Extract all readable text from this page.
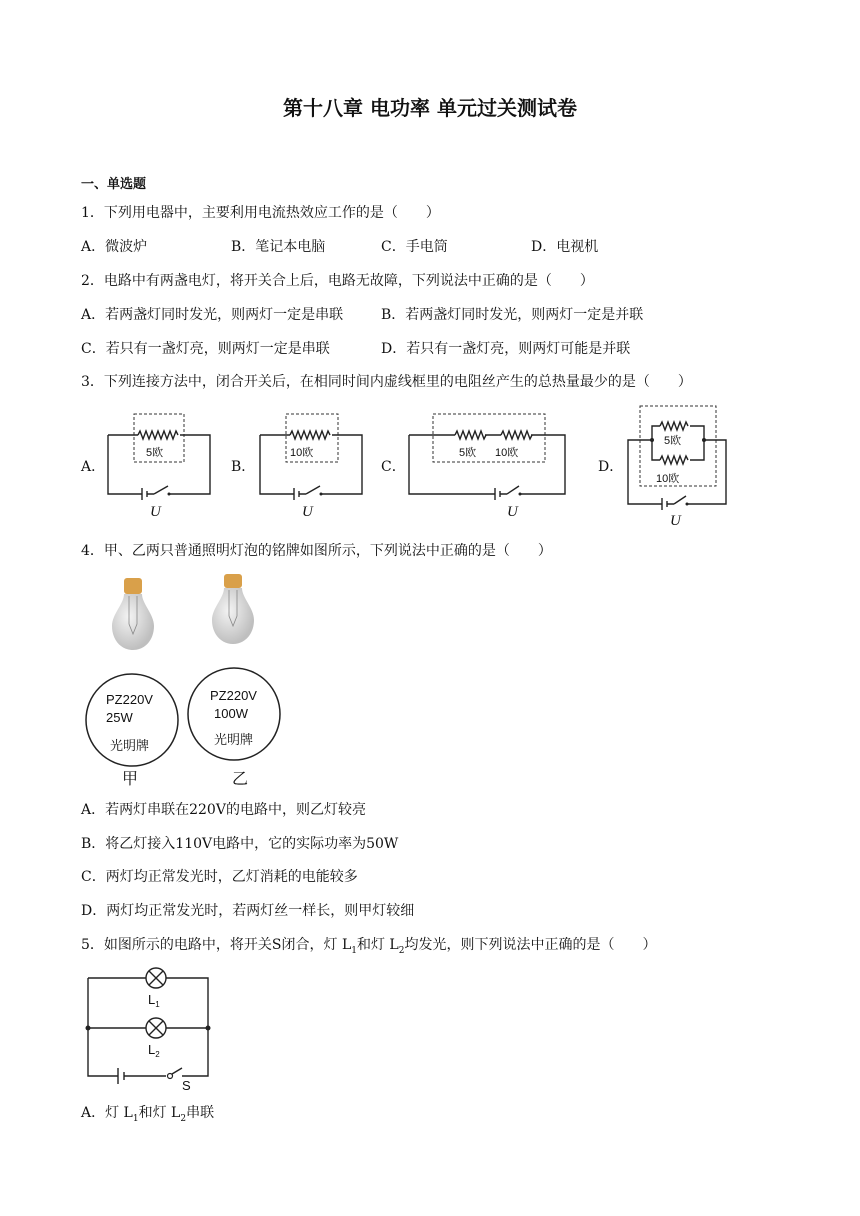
第十八章 电功率 单元过关测试卷
一、单选题
1．下列用电器中，主要利用电流热效应工作的是（　　）
A．微波炉	B．笔记本电脑	C．手电筒	D．电视机
2．电路中有两盏电灯，将开关合上后，电路无故障，下列说法中正确的是（　　）
A．若两盏灯同时发光，则两灯一定是串联	B．若两盏灯同时发光，则两灯一定是并联
C．若只有一盏灯亮，则两灯一定是串联	D．若只有一盏灯亮，则两灯可能是并联
3．下列连接方法中，闭合开关后，在相同时间内虚线框里的电阻丝产生的总热量最少的是（　　）
A．
5欧
U
B．
10欧
U
C．
5欧 10欧
U
D．
5欧
10欧
U
4．甲、乙两只普通照明灯泡的铭牌如图所示，下列说法中正确的是（　　）
PZ220V
25W
光明牌
甲
PZ220V
100W
光明牌
乙
A．若两灯串联在220V的电路中，则乙灯较亮
B．将乙灯接入110V电路中，它的实际功率为50W
C．两灯均正常发光时，乙灯消耗的电能较多
D．两灯均正常发光时，若两灯丝一样长，则甲灯较细
5．如图所示的电路中，将开关S闭合，灯 $L_1$和灯 $L_2$均发光，则下列说法中正确的是（　　）
$L_1$
$L_2$
S
A．灯 $L_1$和灯 $L_2$串联
